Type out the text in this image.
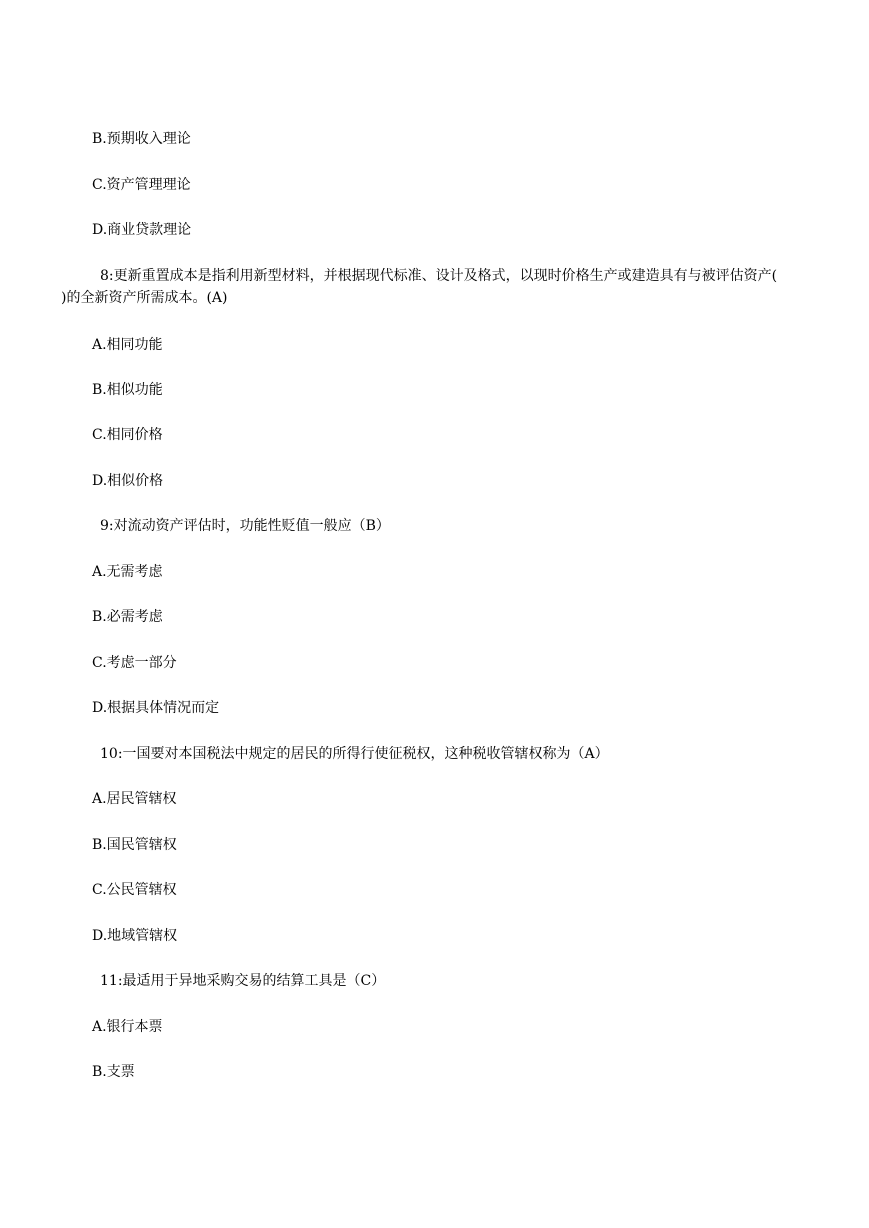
B.预期收入理论
C.资产管理理论
D.商业贷款理论
8:更新重置成本是指利用新型材料，并根据现代标准、设计及格式，以现时价格生产或建造具有与被评估资产( )的全新资产所需成本。(A)
A.相同功能
B.相似功能
C.相同价格
D.相似价格
9:对流动资产评估时，功能性贬值一般应（B）
A.无需考虑
B.必需考虑
C.考虑一部分
D.根据具体情况而定
10:一国要对本国税法中规定的居民的所得行使征税权，这种税收管辖权称为（A）
A.居民管辖权
B.国民管辖权
C.公民管辖权
D.地域管辖权
11:最适用于异地采购交易的结算工具是（C）
A.银行本票
B.支票
